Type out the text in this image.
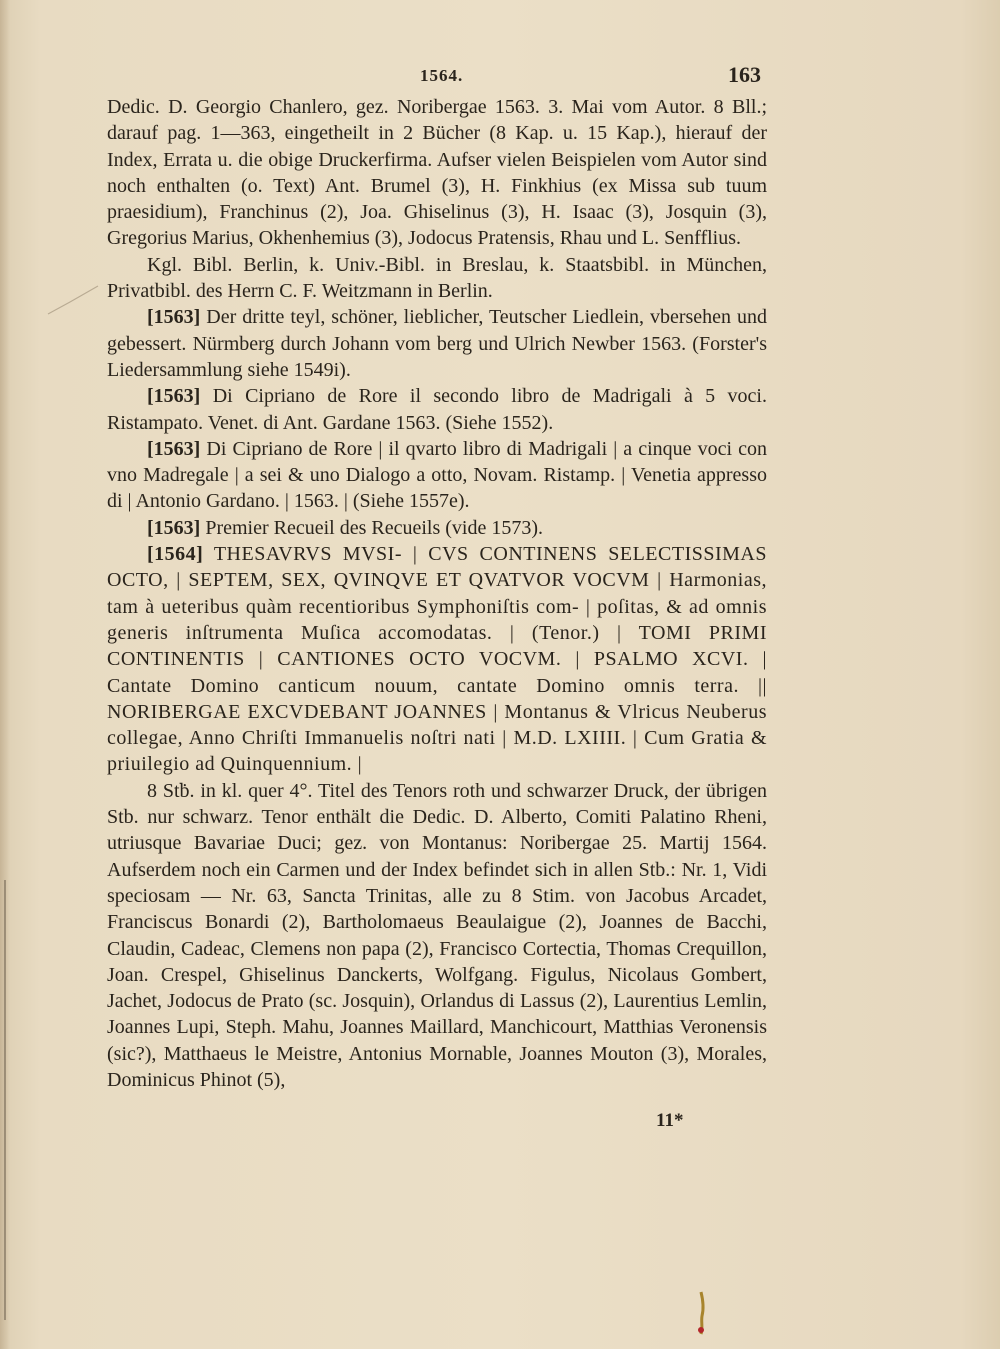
1564.	163

Dedic. D. Georgio Chanlero, gez. Noribergae 1563. 3. Mai vom Autor. 8 Bll.; darauf pag. 1—363, eingetheilt in 2 Bücher (8 Kap. u. 15 Kap.), hierauf der Index, Errata u. die obige Druckerfirma. Aufser vielen Beispielen vom Autor sind noch enthalten (o. Text) Ant. Brumel (3), H. Finkhius (ex Missa sub tuum praesidium), Franchinus (2), Joa. Ghiselinus (3), H. Isaac (3), Josquin (3), Gregorius Marius, Okhenhemius (3), Jodocus Pratensis, Rhau und L. Senfflius.

Kgl. Bibl. Berlin, k. Univ.-Bibl. in Breslau, k. Staatsbibl. in München, Privatbibl. des Herrn C. F. Weitzmann in Berlin.

[1563] Der dritte teyl, schöner, lieblicher, Teutscher Liedlein, vbersehen und gebessert. Nürmberg durch Johann vom berg und Ulrich Newber 1563. (Forster's Liedersammlung siehe 1549i).

[1563] Di Cipriano de Rore il secondo libro de Madrigali à 5 voci. Ristampato. Venet. di Ant. Gardane 1563. (Siehe 1552).

[1563] Di Cipriano de Rore | il qvarto libro di Madrigali | a cinque voci con vno Madregale | a sei & uno Dialogo a otto, Novam. Ristamp. | Venetia appresso di | Antonio Gardano. | 1563. | (Siehe 1557e).

[1563] Premier Recueil des Recueils (vide 1573).

[1564] THESAVRVS MVSI- | CVS CONTINENS SELECTISSIMAS OCTO, | SEPTEM, SEX, QVINQVE ET QVATVOR VOCVM | Harmonias, tam à ueteribus quàm recentioribus Symphoniſtis com- | poſitas, & ad omnis generis inſtrumenta Muſica accomodatas. | (Tenor.) | TOMI PRIMI CONTINENTIS | CANTIONES OCTO VOCVM. | PSALMO XCVI. | Cantate Domino canticum nouum, cantate Domino omnis terra. || NORIBERGAE EXCVDEBANT JOANNES | Montanus & Vlricus Neuberus collegae, Anno Chriſti Immanuelis noſtri nati | M.D. LXIIII. | Cum Gratia & priuilegio ad Quinquennium. |

8 Stḃ. in kl. quer 4°. Titel des Tenors roth und schwarzer Druck, der übrigen Stb. nur schwarz. Tenor enthält die Dedic. D. Alberto, Comiti Palatino Rheni, utriusque Bavariae Duci; gez. von Montanus: Noribergae 25. Martij 1564. Aufserdem noch ein Carmen und der Index befindet sich in allen Stb.: Nr. 1, Vidi speciosam — Nr. 63, Sancta Trinitas, alle zu 8 Stim. von Jacobus Arcadet, Franciscus Bonardi (2), Bartholomaeus Beaulaigue (2), Joannes de Bacchi, Claudin, Cadeac, Clemens non papa (2), Francisco Cortectia, Thomas Crequillon, Joan. Crespel, Ghiselinus Danckerts, Wolfgang. Figulus, Nicolaus Gombert, Jachet, Jodocus de Prato (sc. Josquin), Orlandus di Lassus (2), Laurentius Lemlin, Joannes Lupi, Steph. Mahu, Joannes Maillard, Manchicourt, Matthias Veronensis (sic?), Matthaeus le Meistre, Antonius Mornable, Joannes Mouton (3), Morales, Dominicus Phinot (5),

11*
